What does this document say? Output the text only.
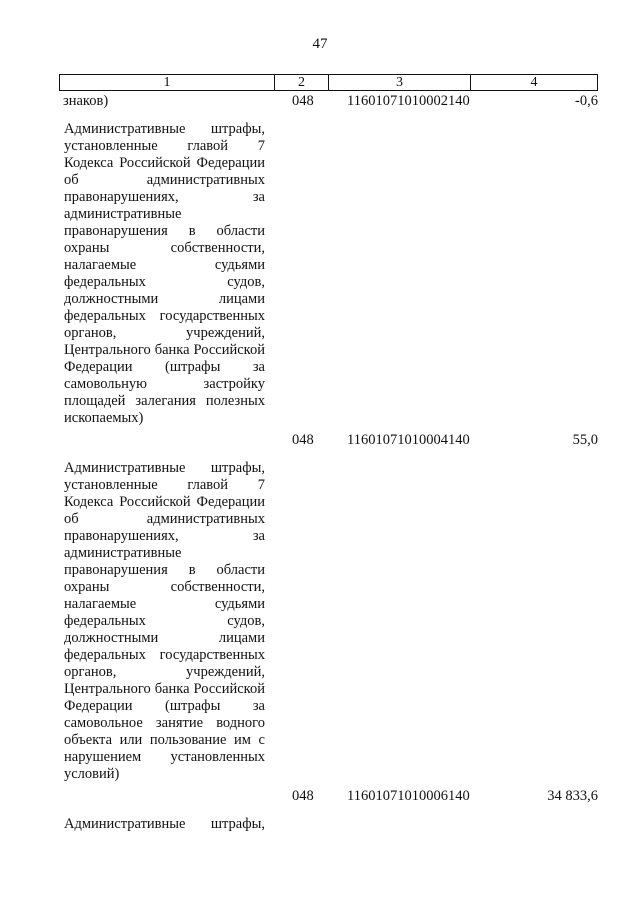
47
1	2	3	4
знаков)	048	11601071010002140	-0,6
Административные штрафы, установленные главой 7 Кодекса Российской Федерации об административных правонарушениях, за административные правонарушения в области охраны собственности, налагаемые судьями федеральных судов, должностными лицами федеральных государственных органов, учреждений, Центрального банка Российской Федерации (штрафы за самовольную застройку площадей залегания полезных ископаемых)
048	11601071010004140	55,0
Административные штрафы, установленные главой 7 Кодекса Российской Федерации об административных правонарушениях, за административные правонарушения в области охраны собственности, налагаемые судьями федеральных судов, должностными лицами федеральных государственных органов, учреждений, Центрального банка Российской Федерации (штрафы за самовольное занятие водного объекта или пользование им с нарушением установленных условий)
048	11601071010006140	34 833,6
Административные штрафы,
